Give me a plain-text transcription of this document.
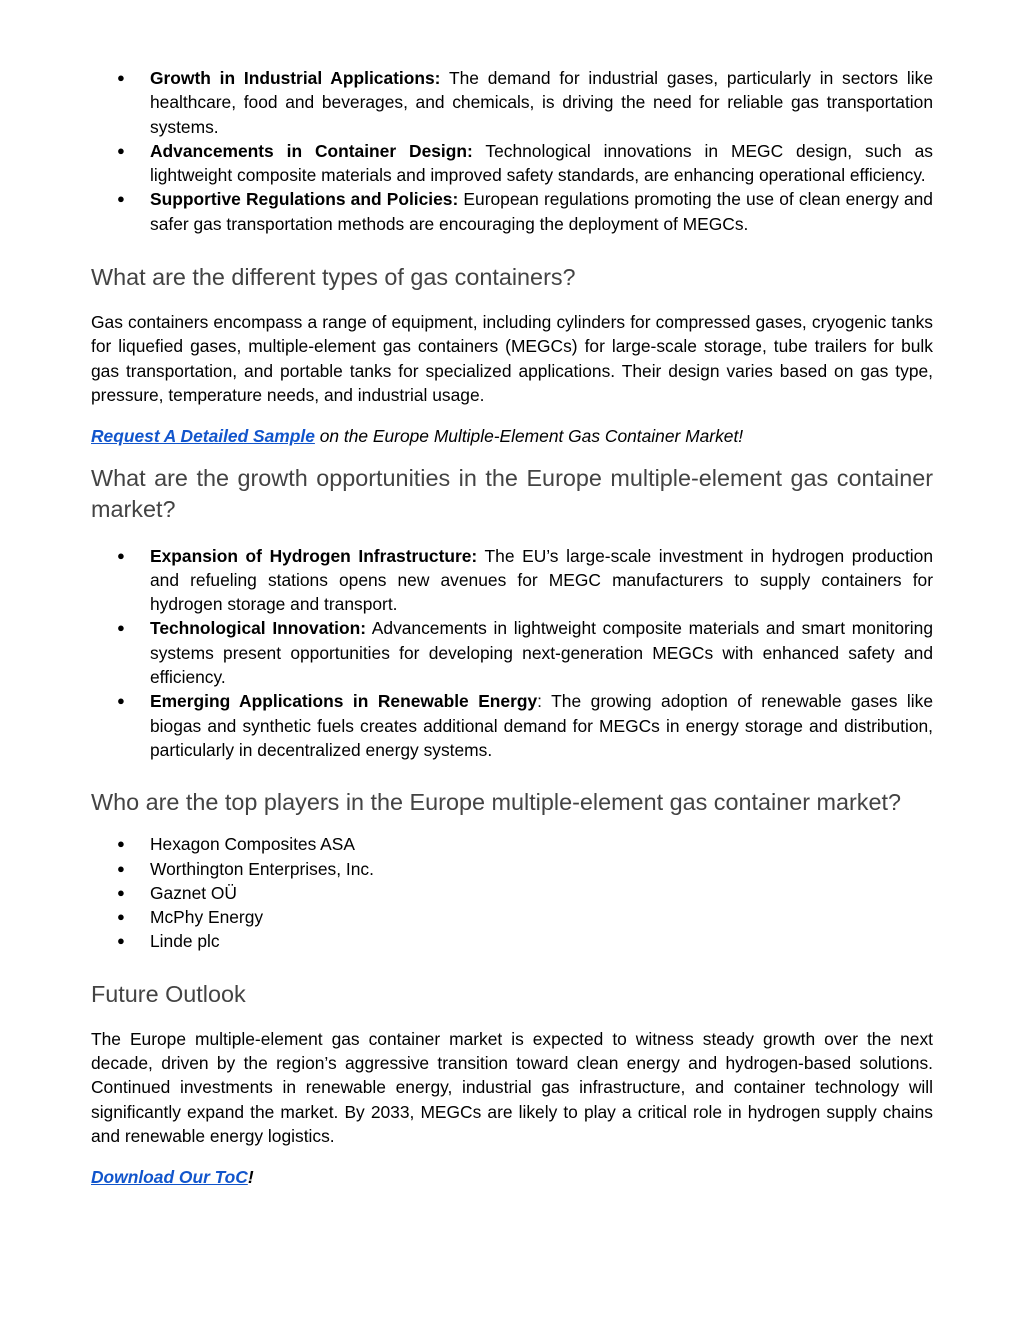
● Growth in Industrial Applications: The demand for industrial gases, particularly in sectors like healthcare, food and beverages, and chemicals, is driving the need for reliable gas transportation systems.
● Advancements in Container Design: Technological innovations in MEGC design, such as lightweight composite materials and improved safety standards, are enhancing operational efficiency.
● Supportive Regulations and Policies: European regulations promoting the use of clean energy and safer gas transportation methods are encouraging the deployment of MEGCs.
What are the different types of gas containers?

Gas containers encompass a range of equipment, including cylinders for compressed gases, cryogenic tanks for liquefied gases, multiple-element gas containers (MEGCs) for large-scale storage, tube trailers for bulk gas transportation, and portable tanks for specialized applications. Their design varies based on gas type, pressure, temperature needs, and industrial usage.

Request A Detailed Sample on the Europe Multiple-Element Gas Container Market!

What are the growth opportunities in the Europe multiple-element gas container market?
● Expansion of Hydrogen Infrastructure: The EU’s large-scale investment in hydrogen production and refueling stations opens new avenues for MEGC manufacturers to supply containers for hydrogen storage and transport.
● Technological Innovation: Advancements in lightweight composite materials and smart monitoring systems present opportunities for developing next-generation MEGCs with enhanced safety and efficiency.
● Emerging Applications in Renewable Energy: The growing adoption of renewable gases like biogas and synthetic fuels creates additional demand for MEGCs in energy storage and distribution, particularly in decentralized energy systems.
Who are the top players in the Europe multiple-element gas container market?
● Hexagon Composites ASA
● Worthington Enterprises, Inc.
● Gaznet OÜ
● McPhy Energy
● Linde plc
Future Outlook

The Europe multiple-element gas container market is expected to witness steady growth over the next decade, driven by the region’s aggressive transition toward clean energy and hydrogen-based solutions. Continued investments in renewable energy, industrial gas infrastructure, and container technology will significantly expand the market. By 2033, MEGCs are likely to play a critical role in hydrogen supply chains and renewable energy logistics.

Download Our ToC!
